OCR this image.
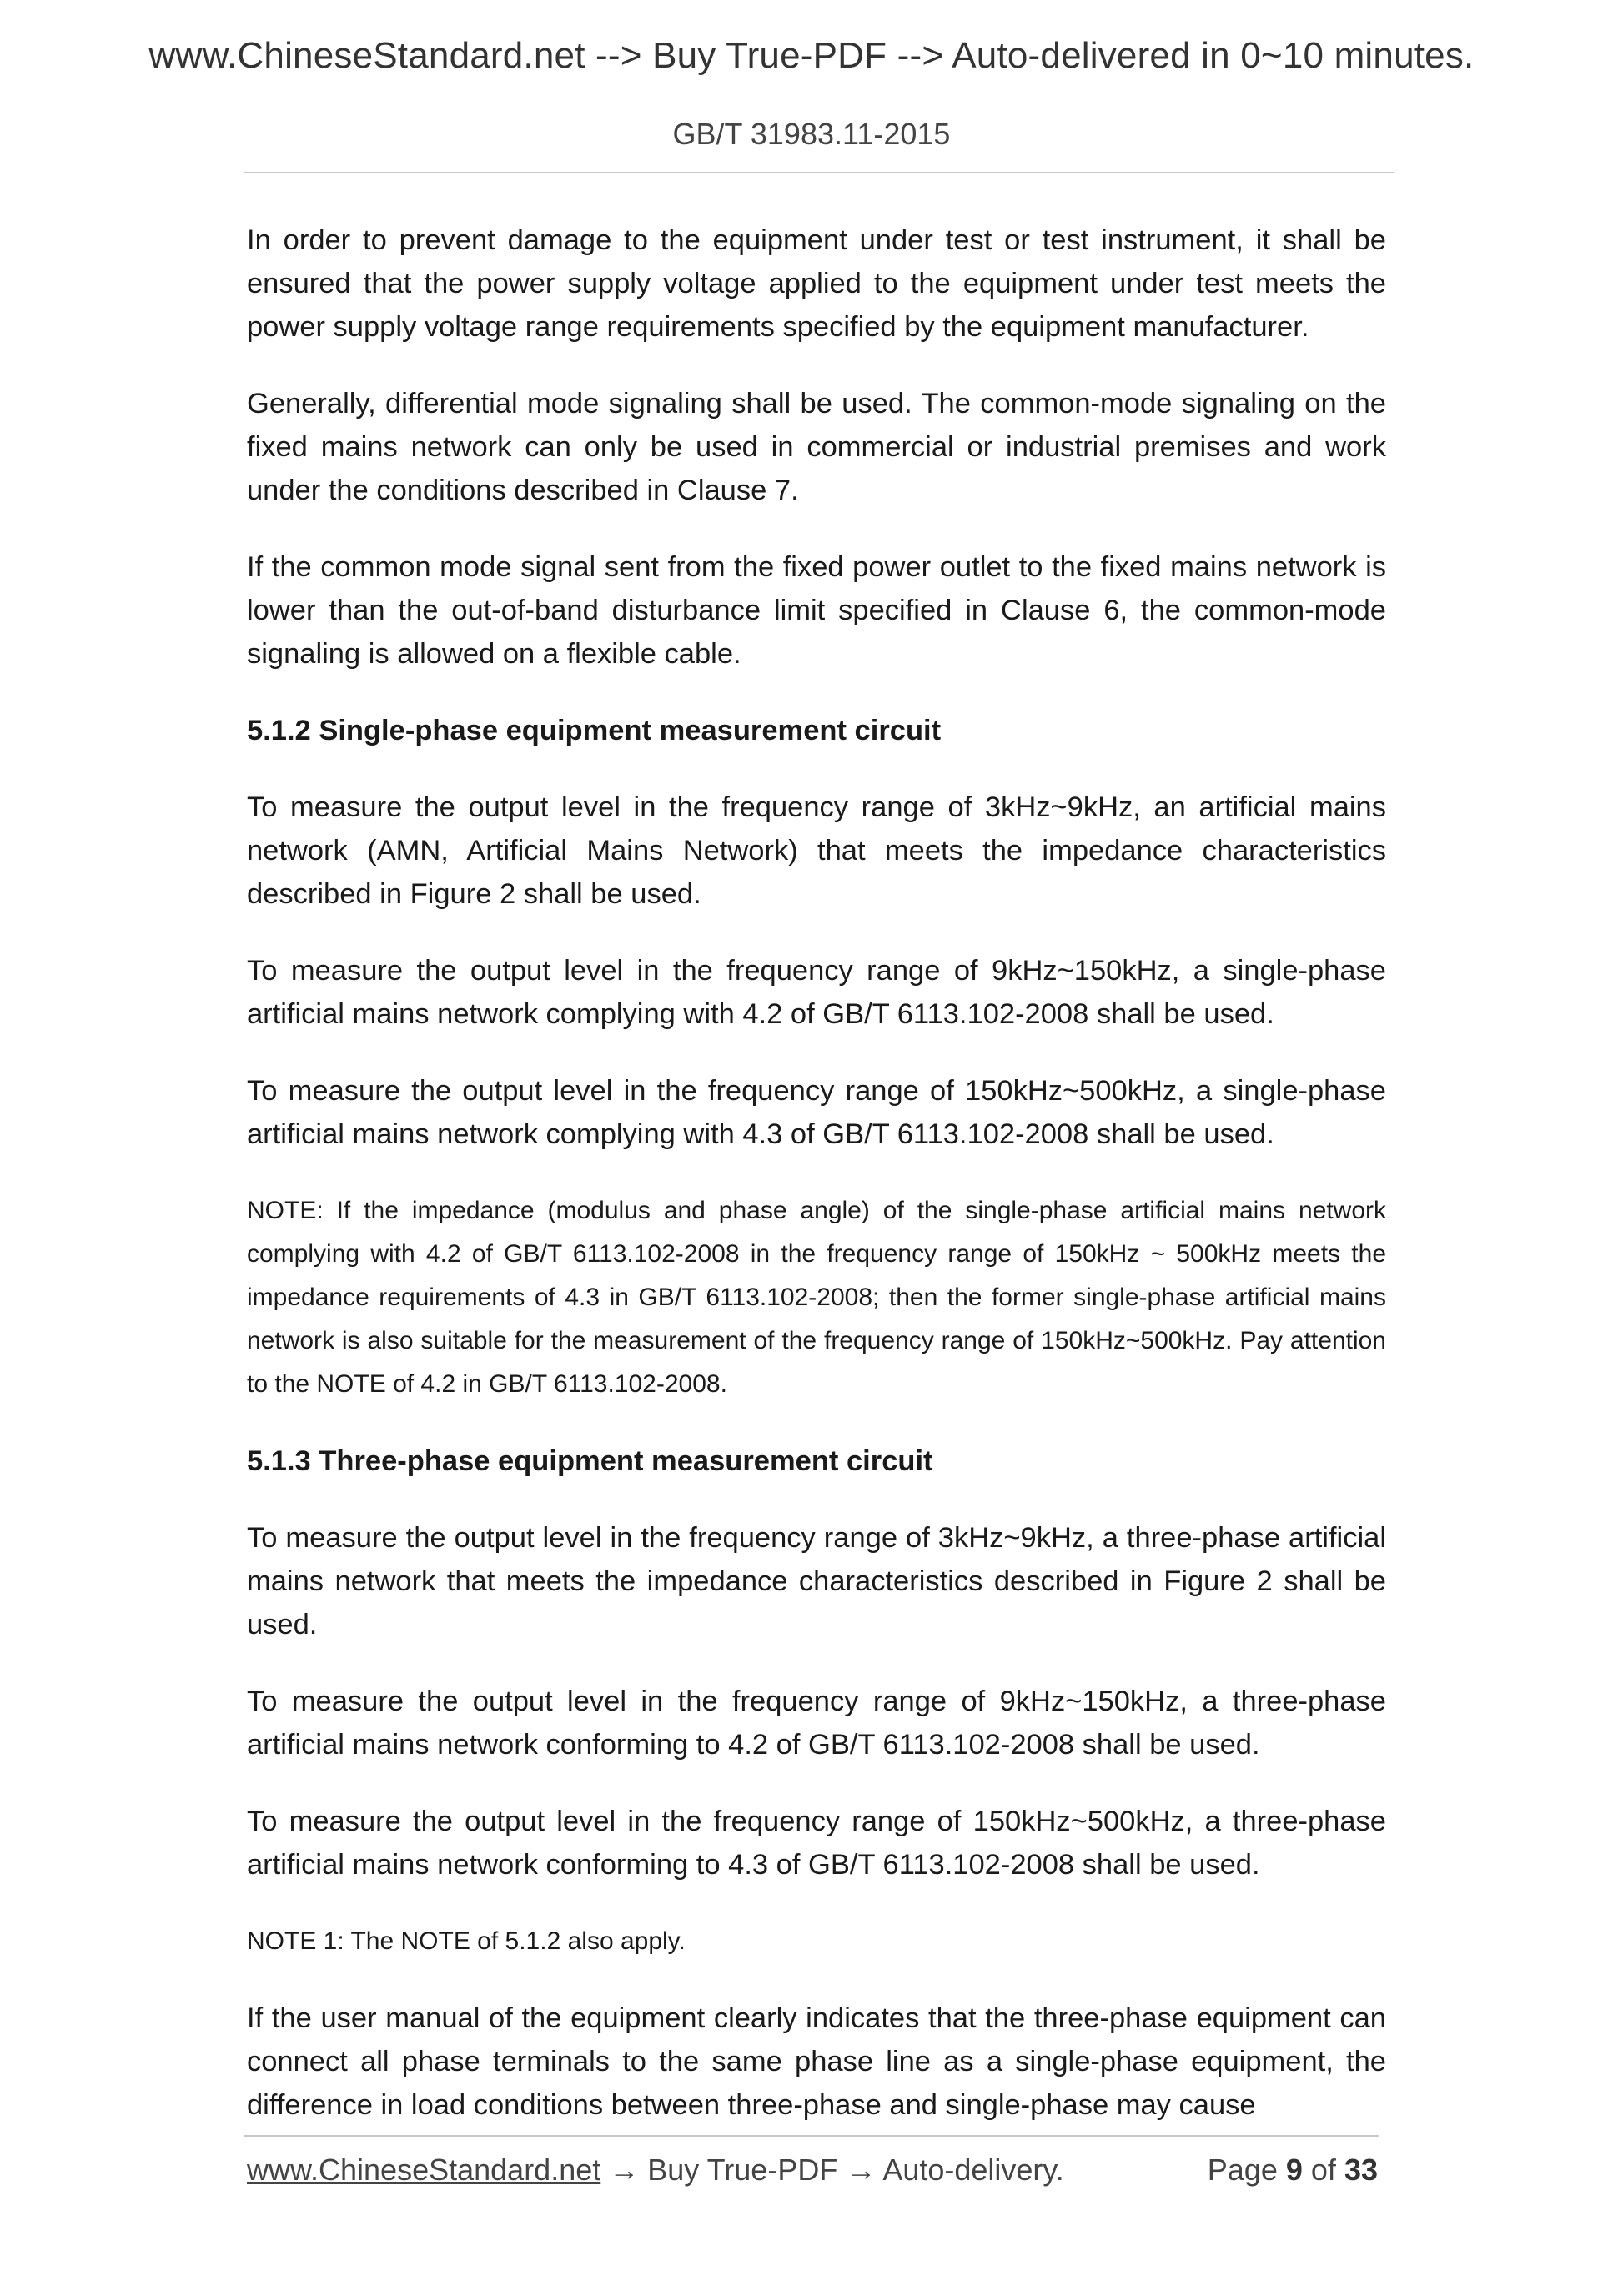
www.ChineseStandard.net --> Buy True-PDF --> Auto-delivered in 0~10 minutes.
GB/T 31983.11-2015

In order to prevent damage to the equipment under test or test instrument, it shall be ensured that the power supply voltage applied to the equipment under test meets the power supply voltage range requirements specified by the equipment manufacturer.

Generally, differential mode signaling shall be used. The common-mode signaling on the fixed mains network can only be used in commercial or industrial premises and work under the conditions described in Clause 7.

If the common mode signal sent from the fixed power outlet to the fixed mains network is lower than the out-of-band disturbance limit specified in Clause 6, the common-mode signaling is allowed on a flexible cable.

5.1.2 Single-phase equipment measurement circuit

To measure the output level in the frequency range of 3kHz~9kHz, an artificial mains network (AMN, Artificial Mains Network) that meets the impedance characteristics described in Figure 2 shall be used.

To measure the output level in the frequency range of 9kHz~150kHz, a single-phase artificial mains network complying with 4.2 of GB/T 6113.102-2008 shall be used.

To measure the output level in the frequency range of 150kHz~500kHz, a single-phase artificial mains network complying with 4.3 of GB/T 6113.102-2008 shall be used.

NOTE: If the impedance (modulus and phase angle) of the single-phase artificial mains network complying with 4.2 of GB/T 6113.102-2008 in the frequency range of 150kHz ~ 500kHz meets the impedance requirements of 4.3 in GB/T 6113.102-2008; then the former single-phase artificial mains network is also suitable for the measurement of the frequency range of 150kHz~500kHz. Pay attention to the NOTE of 4.2 in GB/T 6113.102-2008.

5.1.3 Three-phase equipment measurement circuit

To measure the output level in the frequency range of 3kHz~9kHz, a three-phase artificial mains network that meets the impedance characteristics described in Figure 2 shall be used.

To measure the output level in the frequency range of 9kHz~150kHz, a three-phase artificial mains network conforming to 4.2 of GB/T 6113.102-2008 shall be used.

To measure the output level in the frequency range of 150kHz~500kHz, a three-phase artificial mains network conforming to 4.3 of GB/T 6113.102-2008 shall be used.

NOTE 1: The NOTE of 5.1.2 also apply.

If the user manual of the equipment clearly indicates that the three-phase equipment can connect all phase terminals to the same phase line as a single-phase equipment, the difference in load conditions between three-phase and single-phase may cause

www.ChineseStandard.net → Buy True-PDF → Auto-delivery.	Page 9 of 33
